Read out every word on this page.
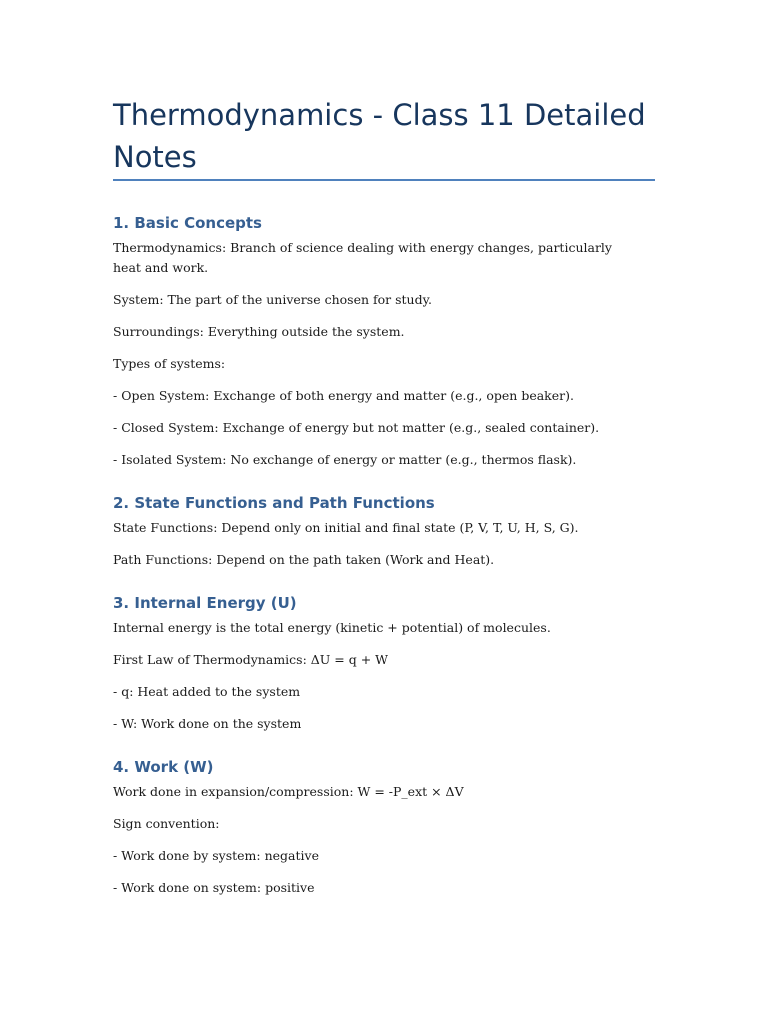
Thermodynamics - Class 11 Detailed Notes
1. Basic Concepts

Thermodynamics: Branch of science dealing with energy changes, particularly heat and work.

System: The part of the universe chosen for study.

Surroundings: Everything outside the system.

Types of systems:

- Open System: Exchange of both energy and matter (e.g., open beaker).

- Closed System: Exchange of energy but not matter (e.g., sealed container).

- Isolated System: No exchange of energy or matter (e.g., thermos flask).

2. State Functions and Path Functions

State Functions: Depend only on initial and final state (P, V, T, U, H, S, G).

Path Functions: Depend on the path taken (Work and Heat).

3. Internal Energy (U)

Internal energy is the total energy (kinetic + potential) of molecules.

First Law of Thermodynamics: ΔU = q + W

- q: Heat added to the system

- W: Work done on the system

4. Work (W)

Work done in expansion/compression: W = -P_ext × ΔV

Sign convention:

- Work done by system: negative

- Work done on system: positive
